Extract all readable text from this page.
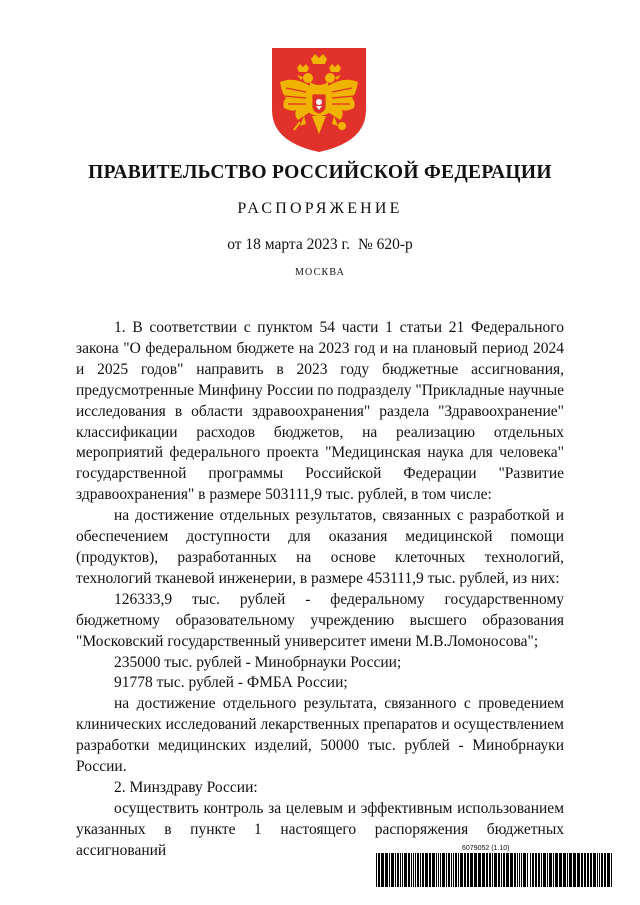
ПРАВИТЕЛЬСТВО РОССИЙСКОЙ ФЕДЕРАЦИИ
РАСПОРЯЖЕНИЕ
от 18 марта 2023 г. № 620-р
МОСКВА

1. В соответствии с пунктом 54 части 1 статьи 21 Федерального закона "О федеральном бюджете на 2023 год и на плановый период 2024 и 2025 годов" направить в 2023 году бюджетные ассигнования, предусмотренные Минфину России по подразделу "Прикладные научные исследования в области здравоохранения" раздела "Здравоохранение" классификации расходов бюджетов, на реализацию отдельных мероприятий федерального проекта "Медицинская наука для человека" государственной программы Российской Федерации "Развитие здравоохранения" в размере 503111,9 тыс. рублей, в том числе:

на достижение отдельных результатов, связанных с разработкой и обеспечением доступности для оказания медицинской помощи (продуктов), разработанных на основе клеточных технологий, технологий тканевой инженерии, в размере 453111,9 тыс. рублей, из них:

126333,9 тыс. рублей - федеральному государственному бюджетному образовательному учреждению высшего образования "Московский государственный университет имени М.В.Ломоносова";

235000 тыс. рублей - Минобрнауки России;

91778 тыс. рублей - ФМБА России;

на достижение отдельного результата, связанного с проведением клинических исследований лекарственных препаратов и осуществлением разработки медицинских изделий, 50000 тыс. рублей - Минобрнауки России.

2. Минздраву России:

осуществить контроль за целевым и эффективным использованием указанных в пункте 1 настоящего распоряжения бюджетных ассигнований	6079052 (1.10)
